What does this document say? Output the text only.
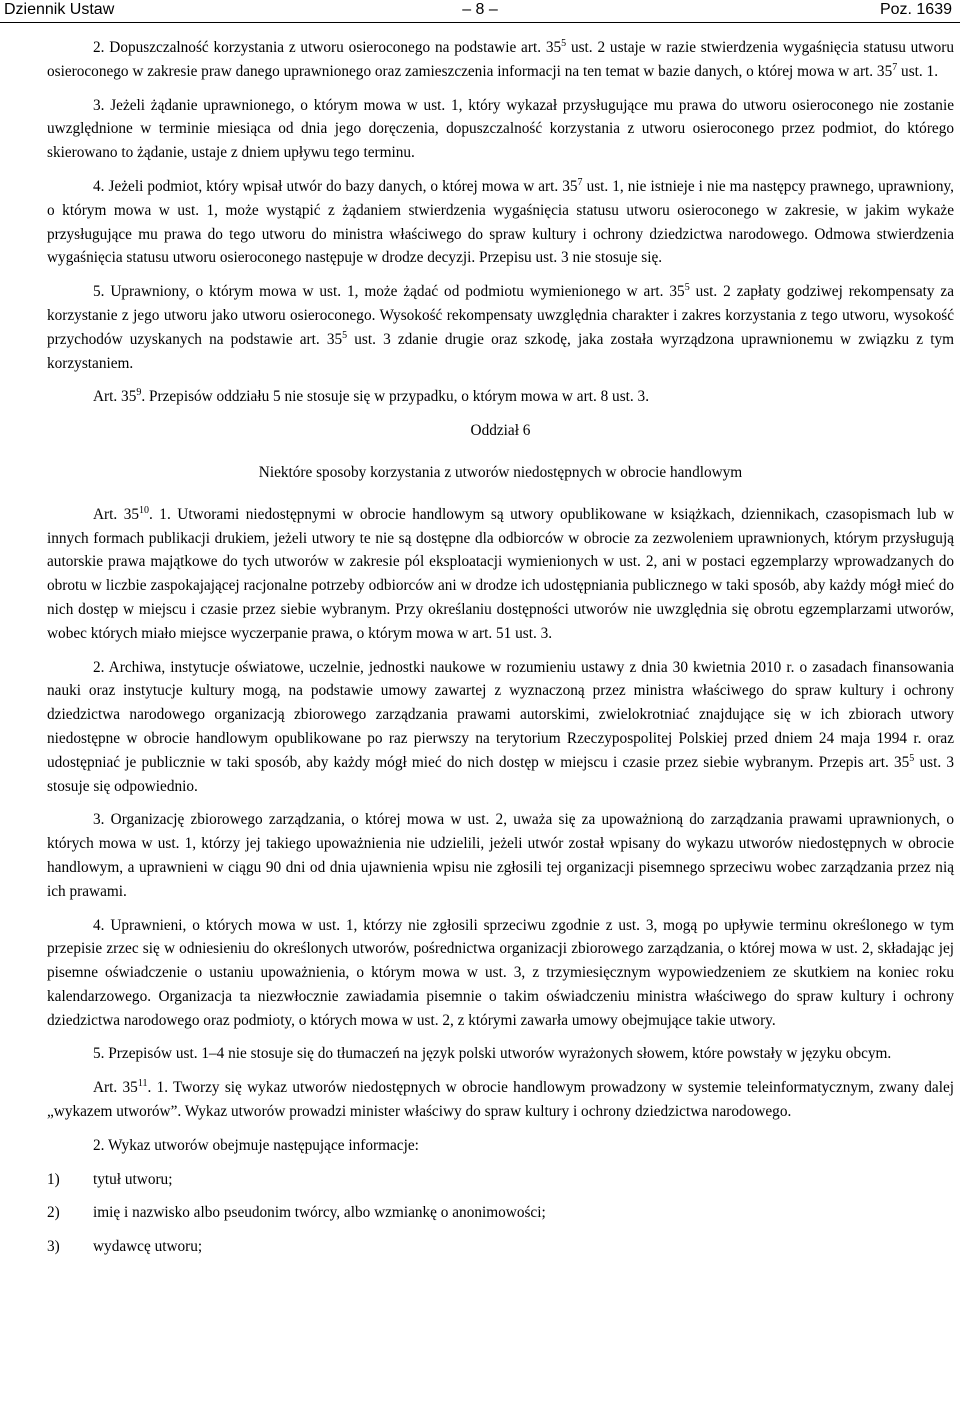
Dziennik Ustaw	– 8 –	Poz. 1639

2. Dopuszczalność korzystania z utworu osieroconego na podstawie art. $35^5$ ust. 2 ustaje w razie stwierdzenia wygaśnięcia statusu utworu osieroconego w zakresie praw danego uprawnionego oraz zamieszczenia informacji na ten temat w bazie danych, o której mowa w art. $35^7$ ust. 1.

3. Jeżeli żądanie uprawnionego, o którym mowa w ust. 1, który wykazał przysługujące mu prawa do utworu osieroconego nie zostanie uwzględnione w terminie miesiąca od dnia jego doręczenia, dopuszczalność korzystania z utworu osieroconego przez podmiot, do którego skierowano to żądanie, ustaje z dniem upływu tego terminu.

4. Jeżeli podmiot, który wpisał utwór do bazy danych, o której mowa w art. $35^7$ ust. 1, nie istnieje i nie ma następcy prawnego, uprawniony, o którym mowa w ust. 1, może wystąpić z żądaniem stwierdzenia wygaśnięcia statusu utworu osieroconego w zakresie, w jakim wykaże przysługujące mu prawa do tego utworu do ministra właściwego do spraw kultury i ochrony dziedzictwa narodowego. Odmowa stwierdzenia wygaśnięcia statusu utworu osieroconego następuje w drodze decyzji. Przepisu ust. 3 nie stosuje się.

5. Uprawniony, o którym mowa w ust. 1, może żądać od podmiotu wymienionego w art. $35^5$ ust. 2 zapłaty godziwej rekompensaty za korzystanie z jego utworu jako utworu osieroconego. Wysokość rekompensaty uwzględnia charakter i zakres korzystania z tego utworu, wysokość przychodów uzyskanych na podstawie art. $35^5$ ust. 3 zdanie drugie oraz szkodę, jaka została wyrządzona uprawnionemu w związku z tym korzystaniem.

Art. $35^9$. Przepisów oddziału 5 nie stosuje się w przypadku, o którym mowa w art. 8 ust. 3.

Oddział 6

Niektóre sposoby korzystania z utworów niedostępnych w obrocie handlowym

Art. $35^{10}$. 1. Utworami niedostępnymi w obrocie handlowym są utwory opublikowane w książkach, dziennikach, czasopismach lub w innych formach publikacji drukiem, jeżeli utwory te nie są dostępne dla odbiorców w obrocie za zezwoleniem uprawnionych, którym przysługują autorskie prawa majątkowe do tych utworów w zakresie pól eksploatacji wymienionych w ust. 2, ani w postaci egzemplarzy wprowadzanych do obrotu w liczbie zaspokajającej racjonalne potrzeby odbiorców ani w drodze ich udostępniania publicznego w taki sposób, aby każdy mógł mieć do nich dostęp w miejscu i czasie przez siebie wybranym. Przy określaniu dostępności utworów nie uwzględnia się obrotu egzemplarzami utworów, wobec których miało miejsce wyczerpanie prawa, o którym mowa w art. 51 ust. 3.

2. Archiwa, instytucje oświatowe, uczelnie, jednostki naukowe w rozumieniu ustawy z dnia 30 kwietnia 2010 r. o zasadach finansowania nauki oraz instytucje kultury mogą, na podstawie umowy zawartej z wyznaczoną przez ministra właściwego do spraw kultury i ochrony dziedzictwa narodowego organizacją zbiorowego zarządzania prawami autorskimi, zwielokrotniać znajdujące się w ich zbiorach utwory niedostępne w obrocie handlowym opublikowane po raz pierwszy na terytorium Rzeczypospolitej Polskiej przed dniem 24 maja 1994 r. oraz udostępniać je publicznie w taki sposób, aby każdy mógł mieć do nich dostęp w miejscu i czasie przez siebie wybranym. Przepis art. $35^5$ ust. 3 stosuje się odpowiednio.

3. Organizację zbiorowego zarządzania, o której mowa w ust. 2, uważa się za upoważnioną do zarządzania prawami uprawnionych, o których mowa w ust. 1, którzy jej takiego upoważnienia nie udzielili, jeżeli utwór został wpisany do wykazu utworów niedostępnych w obrocie handlowym, a uprawnieni w ciągu 90 dni od dnia ujawnienia wpisu nie zgłosili tej organizacji pisemnego sprzeciwu wobec zarządzania przez nią ich prawami.

4. Uprawnieni, o których mowa w ust. 1, którzy nie zgłosili sprzeciwu zgodnie z ust. 3, mogą po upływie terminu określonego w tym przepisie zrzec się w odniesieniu do określonych utworów, pośrednictwa organizacji zbiorowego zarządzania, o której mowa w ust. 2, składając jej pisemne oświadczenie o ustaniu upoważnienia, o którym mowa w ust. 3, z trzymiesięcznym wypowiedzeniem ze skutkiem na koniec roku kalendarzowego. Organizacja ta niezwłocznie zawiadamia pisemnie o takim oświadczeniu ministra właściwego do spraw kultury i ochrony dziedzictwa narodowego oraz podmioty, o których mowa w ust. 2, z którymi zawarła umowy obejmujące takie utwory.

5. Przepisów ust. 1–4 nie stosuje się do tłumaczeń na język polski utworów wyrażonych słowem, które powstały w języku obcym.

Art. $35^{11}$. 1. Tworzy się wykaz utworów niedostępnych w obrocie handlowym prowadzony w systemie teleinformatycznym, zwany dalej „wykazem utworów”. Wykaz utworów prowadzi minister właściwy do spraw kultury i ochrony dziedzictwa narodowego.

2. Wykaz utworów obejmuje następujące informacje:

1) tytuł utworu;
2) imię i nazwisko albo pseudonim twórcy, albo wzmiankę o anonimowości;
3) wydawcę utworu;
